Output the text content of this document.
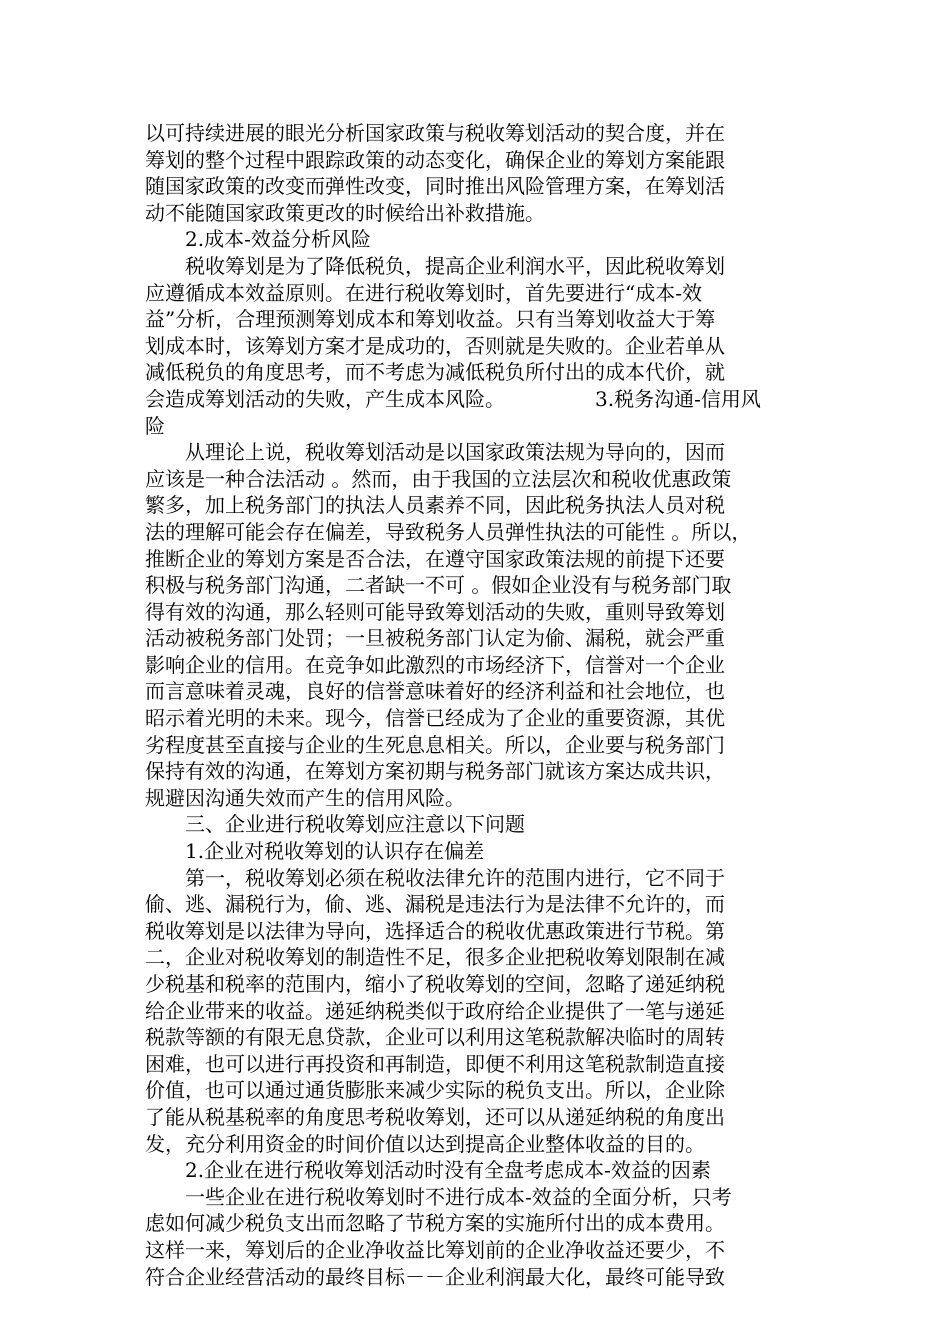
以可持续进展的眼光分析国家政策与税收筹划活动的契合度，并在
筹划的整个过程中跟踪政策的动态变化，确保企业的筹划方案能跟
随国家政策的改变而弹性改变，同时推出风险管理方案，在筹划活
动不能随国家政策更改的时候给出补救措施。
　　2.成本-效益分析风险
　　税收筹划是为了降低税负，提高企业利润水平，因此税收筹划
应遵循成本效益原则。在进行税收筹划时，首先要进行“成本-效
益”分析，合理预测筹划成本和筹划收益。只有当筹划收益大于筹
划成本时，该筹划方案才是成功的，否则就是失败的。企业若单从
减低税负的角度思考，而不考虑为减低税负所付出的成本代价，就
会造成筹划活动的失败，产生成本风险。　　　　　3.税务沟通-信用风
险
　　从理论上说，税收筹划活动是以国家政策法规为导向的，因而
应该是一种合法活动 。然而，由于我国的立法层次和税收优惠政策
繁多，加上税务部门的执法人员素养不同，因此税务执法人员对税
法的理解可能会存在偏差，导致税务人员弹性执法的可能性 。所以，
推断企业的筹划方案是否合法，在遵守国家政策法规的前提下还要
积极与税务部门沟通，二者缺一不可 。假如企业没有与税务部门取
得有效的沟通，那么轻则可能导致筹划活动的失败，重则导致筹划
活动被税务部门处罚；一旦被税务部门认定为偷、漏税，就会严重
影响企业的信用。在竞争如此激烈的市场经济下，信誉对一个企业
而言意味着灵魂，良好的信誉意味着好的经济利益和社会地位，也
昭示着光明的未来。现今，信誉已经成为了企业的重要资源，其优
劣程度甚至直接与企业的生死息息相关。所以，企业要与税务部门
保持有效的沟通，在筹划方案初期与税务部门就该方案达成共识，
规避因沟通失效而产生的信用风险。
　　三、企业进行税收筹划应注意以下问题
　　1.企业对税收筹划的认识存在偏差
　　第一，税收筹划必须在税收法律允许的范围内进行，它不同于
偷、逃、漏税行为，偷、逃、漏税是违法行为是法律不允许的，而
税收筹划是以法律为导向，选择适合的税收优惠政策进行节税。第
二，企业对税收筹划的制造性不足，很多企业把税收筹划限制在减
少税基和税率的范围内，缩小了税收筹划的空间，忽略了递延纳税
给企业带来的收益。递延纳税类似于政府给企业提供了一笔与递延
税款等额的有限无息贷款，企业可以利用这笔税款解决临时的周转
困难，也可以进行再投资和再制造，即便不利用这笔税款制造直接
价值，也可以通过通货膨胀来减少实际的税负支出。所以，企业除
了能从税基税率的角度思考税收筹划，还可以从递延纳税的角度出
发，充分利用资金的时间价值以达到提高企业整体收益的目的。
　　2.企业在进行税收筹划活动时没有全盘考虑成本-效益的因素
　　一些企业在进行税收筹划时不进行成本-效益的全面分析，只考
虑如何减少税负支出而忽略了节税方案的实施所付出的成本费用。
这样一来，筹划后的企业净收益比筹划前的企业净收益还要少，不
符合企业经营活动的最终目标－－企业利润最大化，最终可能导致
